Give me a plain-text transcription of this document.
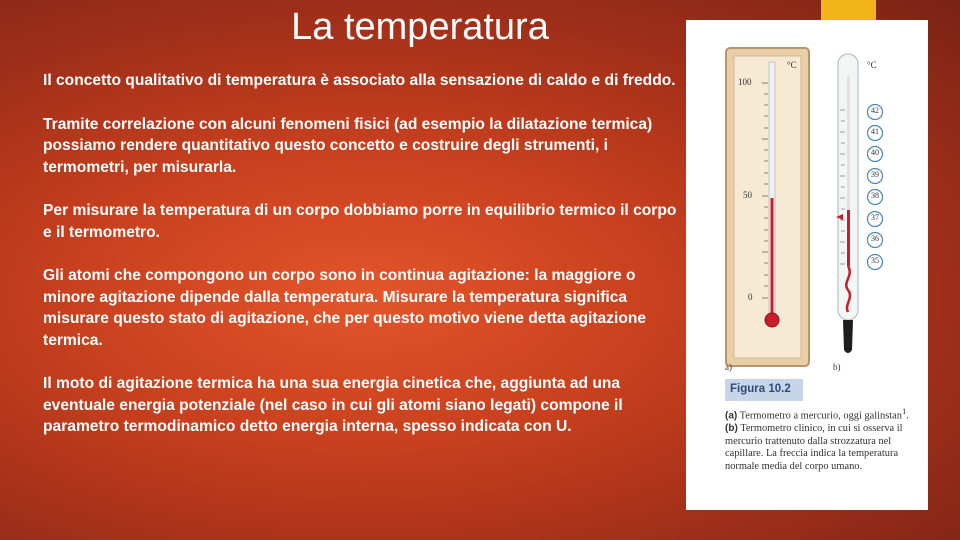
La temperatura

Il concetto qualitativo di temperatura è associato alla sensazione di caldo e di freddo.

Tramite correlazione con alcuni fenomeni fisici (ad esempio la dilatazione termica) possiamo rendere quantitativo questo concetto e costruire degli strumenti, i termometri, per misurarla.

Per misurare la temperatura di un corpo dobbiamo porre in equilibrio termico il corpo e il termometro.

Gli atomi che compongono un corpo sono in continua agitazione: la maggiore o minore agitazione dipende dalla temperatura. Misurare la temperatura significa misurare questo stato di agitazione, che per questo motivo viene detta agitazione termica.

Il moto di agitazione termica ha una sua energia cinetica che, aggiunta ad una eventuale energia potenziale (nel caso in cui gli atomi siano legati) compone il parametro termodinamico detto energia interna, spesso indicata con U.

°C
100
50
0
°C
42
41
40
39
38
37
36
35
a)	b)
Figura 10.2
(a) Termometro a mercurio, oggi galinstan$^1$. (b) Termometro clinico, in cui si osserva il mercurio trattenuto dalla strozzatura nel capillare. La freccia indica la temperatura normale media del corpo umano.
